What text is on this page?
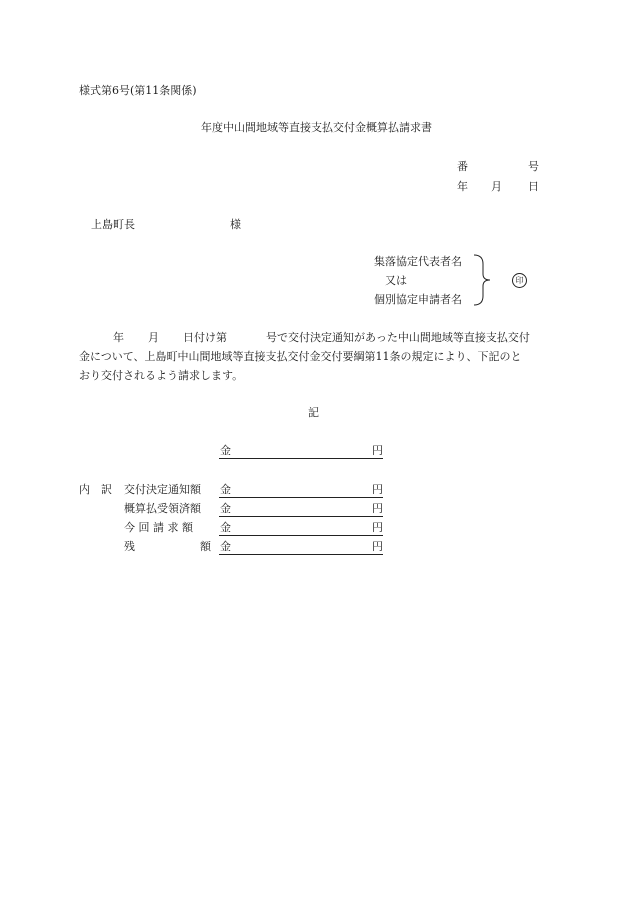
様式第6号(第11条関係)
年度中山間地域等直接支払交付金概算払請求書
番	号
年 月 日
上島町長	様
集落協定代表者名
又は
個別協定申請者名
印
年 月 日付け第	号で交付決定通知があった中山間地域等直接支払交付
金について、上島町中山間地域等直接支払交付金交付要綱第11条の規定により、下記のと
おり交付されるよう請求します。
記
金	円
内　訳 交付決定通知額 金	円
概算払受領済額 金	円
今 回 請 求 額 金	円
残	額 金	円
